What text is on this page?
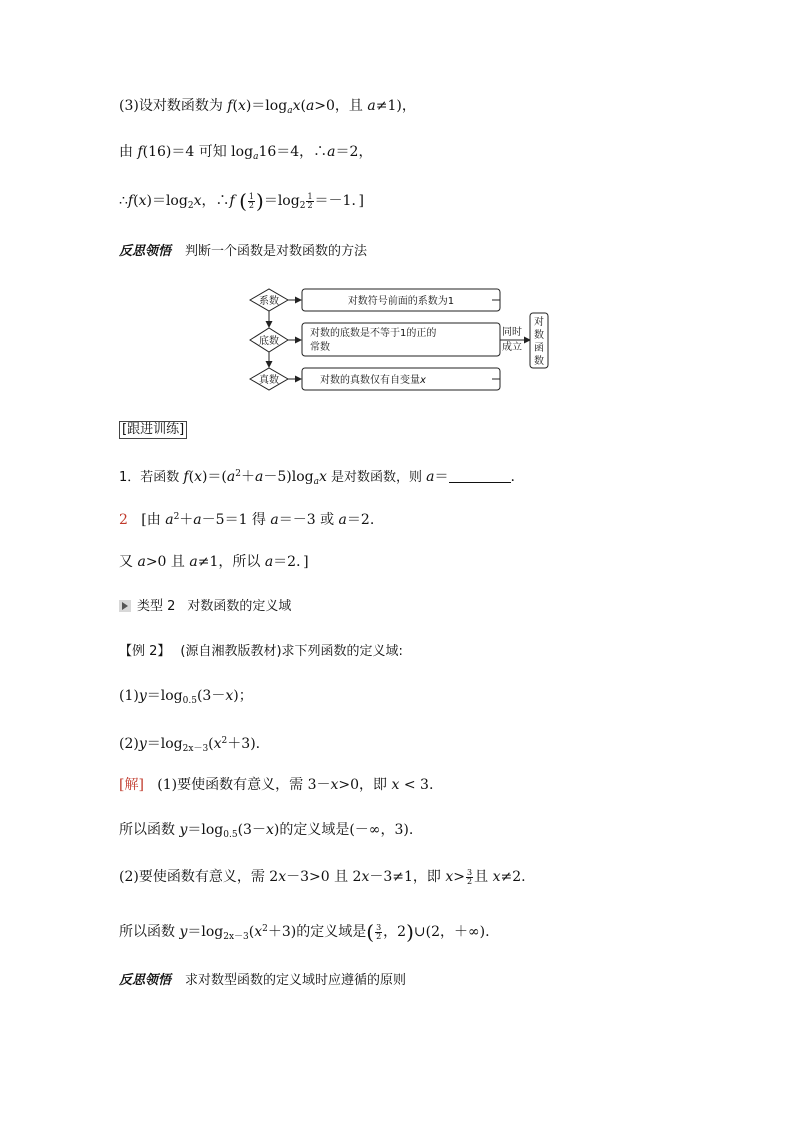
(3)设对数函数为 $f(x)=\log_ax(a>0$，且 a≠1)，
由 f(16)＝4 可知 $\log_a16=4$，∴a＝2，
$\therefore f(x)=\log_2x$，∴f ( $\frac{1}{2} )=\log_2 \frac{1}{2} =-1$．]
反思领悟 判断一个函数是对数函数的方法
系数
底数
真数
对数符号前面的系数为1
对数的底数是不等于1的正的
常数
对数的真数仅有自变量x
同时
成立
对
数
函
数
[跟进训练]
1．若函数 $f(x)=(a^2+a-5)\log_ax$ 是对数函数，则 a＝	.
2 [由 $a^2+a-5=1$ 得 a＝－3 或 a＝2.
又 a>0 且 a≠1，所以 a＝2．]
类型 2 对数函数的定义域
【例 2】 (源自湘教版教材)求下列函数的定义域:
$(1)y=\log_{0.5}(3-x)$；
$(2)y=\log_{2x-3}(x^2+3)$.
[解] (1)要使函数有意义，需 3－x>0，即 x < 3.
所以函数 $y=\log_{0.5}(3-x)$的定义域是(－∞，3).
(2)要使函数有意义，需 2x－3>0 且 2x－3≠1，即 $x> \frac{3}{2}$ 且 x≠2.
所以函数 $y=\log_{2x-3}(x^2+3)$的定义域是( $\frac{3}{2}$ ，2)∪(2，＋∞).
反思领悟 求对数型函数的定义域时应遵循的原则
